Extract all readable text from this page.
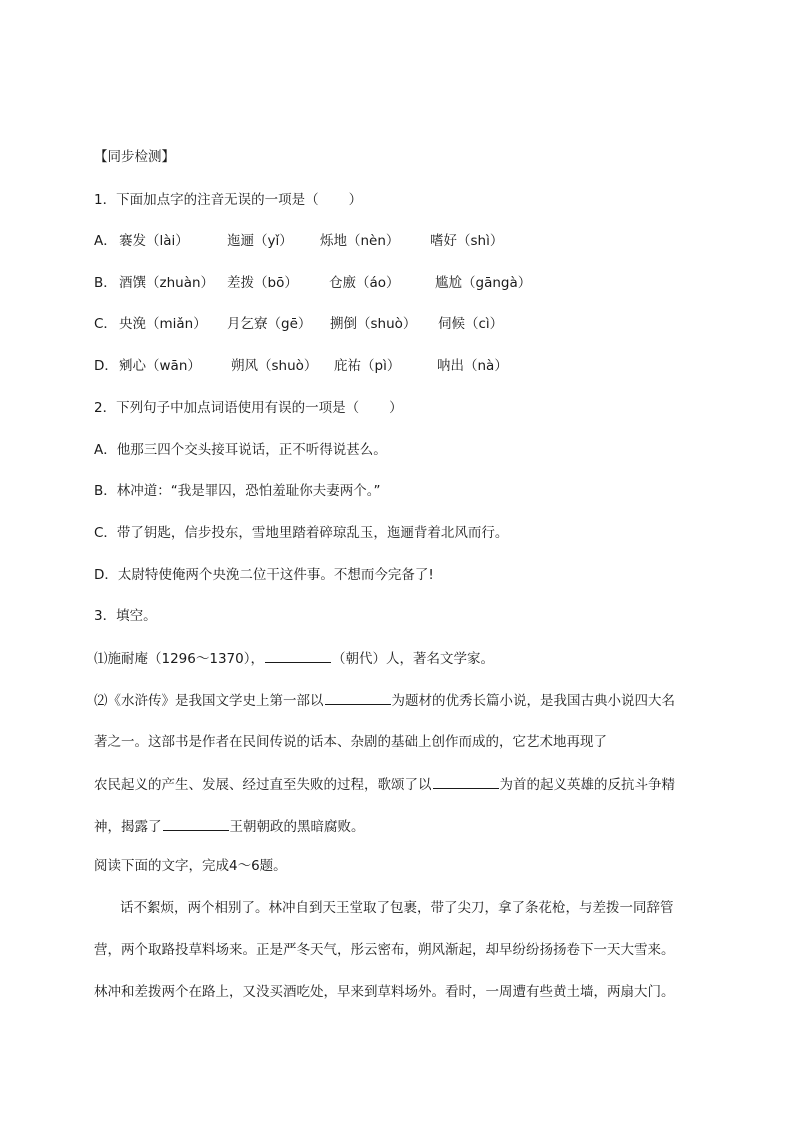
【同步检测】
1．下面加点字的注音无误的一项是（ ）
A． 褰发（lài）	迤逦（yǐ） 烁地（nèn） 嗜好（shì）
B． 酒馔（zhuàn） 差拨（bō） 仓廒（áo）	尴尬（gāngà）
C． 央浼（miǎn） 月乞寮（gē） 搠倒（shuò） 伺候（cì）
D． 剜心（wān） 朔风（shuò） 庇祐（pì）	呐出（nà）
2．下列句子中加点词语使用有误的一项是（ ）
A．他那三四个交头接耳说话，正不听得说甚么。
B．林冲道：“我是罪囚，恐怕羞耻你夫妻两个。”
C．带了钥匙，信步投东，雪地里踏着碎琼乱玉，迤逦背着北风而行。
D．太尉特使俺两个央浼二位干这件事。不想而今完备了!
3．填空。
⑴施耐庵（1296～1370），	（朝代）人，著名文学家。
⑵《水浒传》是我国文学史上第一部以	为题材的优秀长篇小说，是我国古典小说四大名
著之一。这部书是作者在民间传说的话本、杂剧的基础上创作而成的，它艺术地再现了
农民起义的产生、发展、经过直至失败的过程，歌颂了以	为首的起义英雄的反抗斗争精
神，揭露了	王朝朝政的黑暗腐败。
阅读下面的文字，完成4～6题。
话不絮烦，两个相别了。林冲自到天王堂取了包裹，带了尖刀，拿了条花枪，与差拨一同辞管
营，两个取路投草料场来。正是严冬天气，彤云密布，朔风渐起，却早纷纷扬扬卷下一天大雪来。
林冲和差拨两个在路上，又没买酒吃处，早来到草料场外。看时，一周遭有些黄土墙，两扇大门。
